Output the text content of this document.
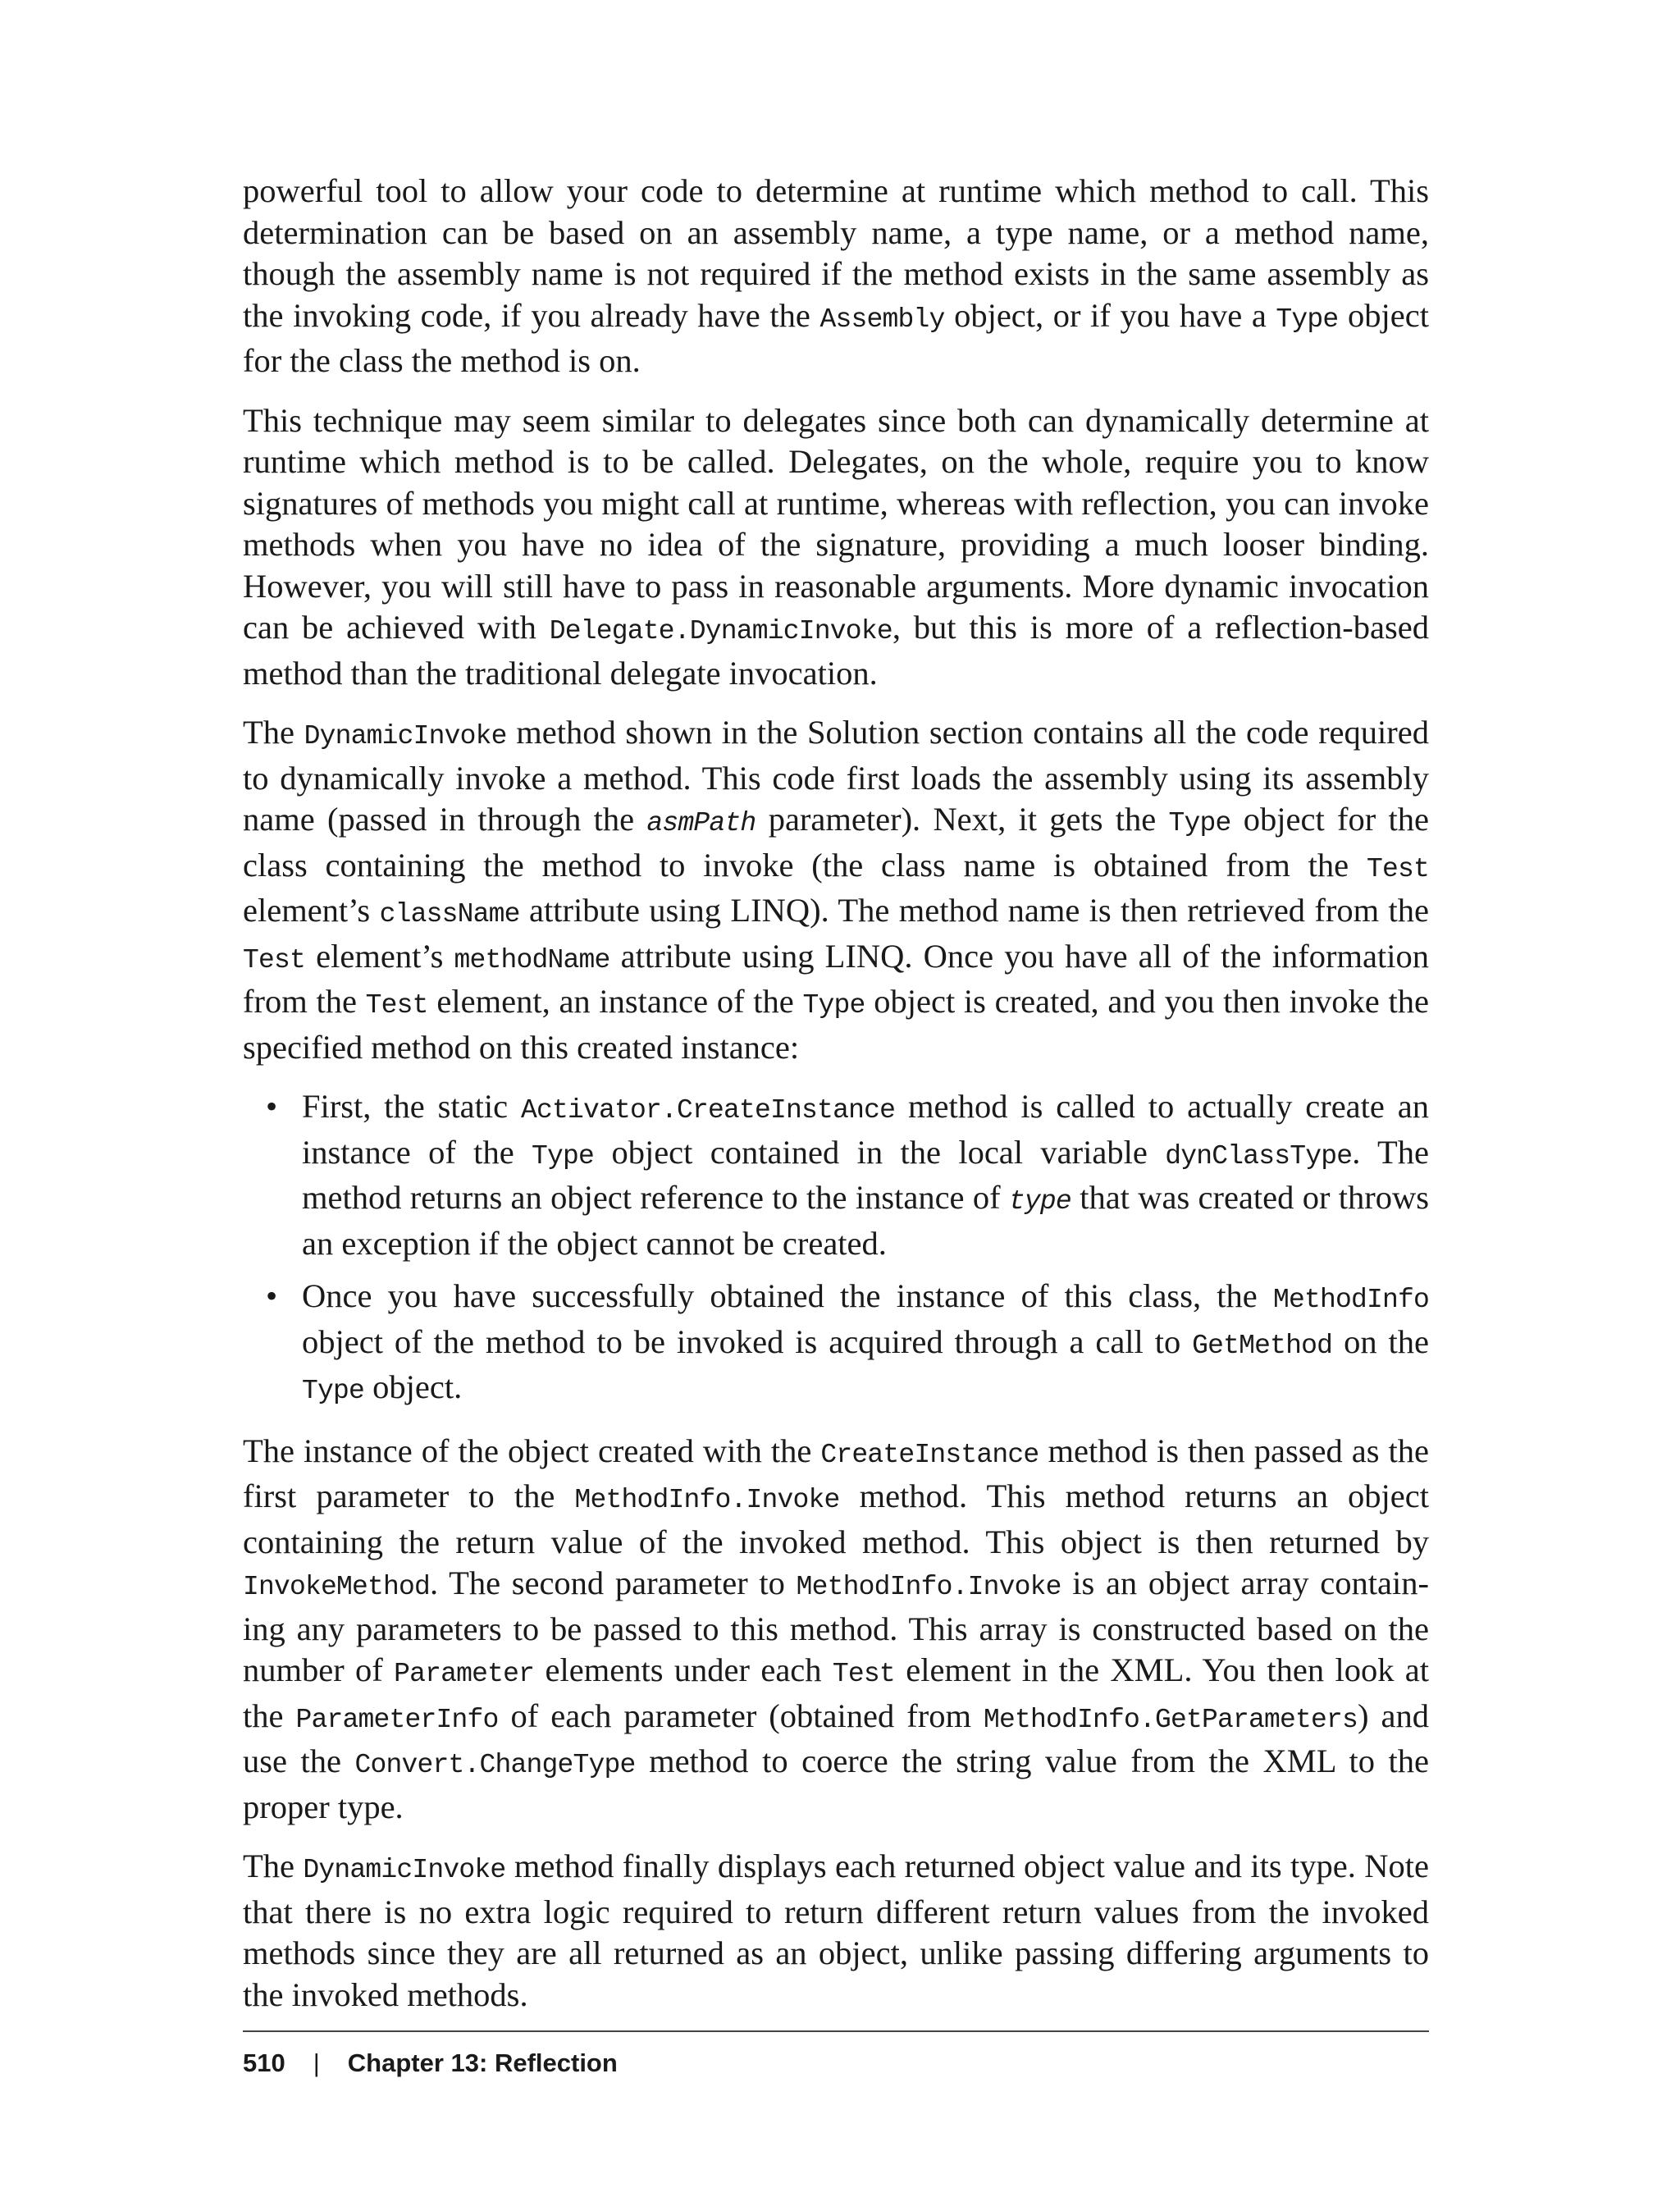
powerful tool to allow your code to determine at runtime which method to call. This determination can be based on an assembly name, a type name, or a method name, though the assembly name is not required if the method exists in the same assembly as the invoking code, if you already have the Assembly object, or if you have a Type object for the class the method is on.

This technique may seem similar to delegates since both can dynamically determine at runtime which method is to be called. Delegates, on the whole, require you to know signatures of methods you might call at runtime, whereas with reflection, you can invoke methods when you have no idea of the signature, providing a much looser binding. However, you will still have to pass in reasonable arguments. More dynamic invocation can be achieved with Delegate.DynamicInvoke, but this is more of a reflection-based method than the traditional delegate invocation.

The DynamicInvoke method shown in the Solution section contains all the code required to dynamically invoke a method. This code first loads the assembly using its assembly name (passed in through the asmPath parameter). Next, it gets the Type object for the class containing the method to invoke (the class name is obtained from the Test element’s className attribute using LINQ). The method name is then retrieved from the Test element’s methodName attribute using LINQ. Once you have all of the information from the Test element, an instance of the Type object is created, and you then invoke the specified method on this created instance:

• First, the static Activator.CreateInstance method is called to actually create an instance of the Type object contained in the local variable dynClassType. The method returns an object reference to the instance of type that was created or throws an exception if the object cannot be created.
• Once you have successfully obtained the instance of this class, the MethodInfo object of the method to be invoked is acquired through a call to GetMethod on the Type object.

The instance of the object created with the CreateInstance method is then passed as the first parameter to the MethodInfo.Invoke method. This method returns an object containing the return value of the invoked method. This object is then returned by InvokeMethod. The second parameter to MethodInfo.Invoke is an object array containing any parameters to be passed to this method. This array is constructed based on the number of Parameter elements under each Test element in the XML. You then look at the ParameterInfo of each parameter (obtained from MethodInfo.GetParameters) and use the Convert.ChangeType method to coerce the string value from the XML to the proper type.

The DynamicInvoke method finally displays each returned object value and its type. Note that there is no extra logic required to return different return values from the invoked methods since they are all returned as an object, unlike passing differing arguments to the invoked methods.

510 | Chapter 13: Reflection
